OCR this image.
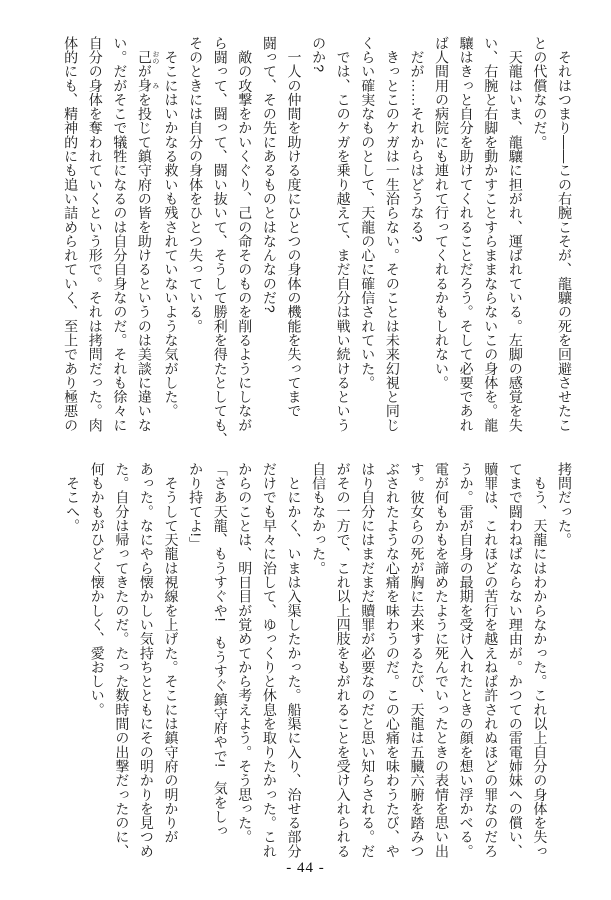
　それはつまり――この右腕こそが、龍驤の死を回避させたこ
との代償なのだ。
　天龍はいま、龍驤に担がれ、運ばれている。左脚の感覚を失
い、右腕と右脚を動かすことすらままならないこの身体を。龍
驤はきっと自分を助けてくれることだろう。そして必要であれ
ば人間用の病院にも連れて行ってくれるかもしれない。
　だが……それからはどうなる?
　きっとこのケガは一生治らない。そのことは未来幻視と同じ
くらい確実なものとして、天龍の心に確信されていた。
　では、このケガを乗り越えて、まだ自分は戦い続けるという
のか?
　一人の仲間を助ける度にひとつの身体の機能を失ってまで
闘って、その先にあるものとはなんなのだ?
　敵の攻撃をかいくぐり、己の命そのものを削るようにしなが
ら闘って、闘って、闘い抜いて、そうして勝利を得たとしても、
そのときには自分の身体をひとつ失っている。
　そこにはいかなる救いも残されていないような気がした。
　己 おのが身 みを投じて鎮守府の皆を助けるというのは美談に違いな
い。だがそこで犠牲になるのは自分自身なのだ。それも徐々に
自分の身体を奪われていくという形で。それは拷問だった。肉
体的にも、精神的にも追い詰められていく、至上であり極悪の
拷問だった。
　もう、天龍にはわからなかった。これ以上自分の身体を失っ
てまで闘わねばならない理由が。かつての雷電姉妹への償い、
贖罪は、これほどの苦行を越えねば許されぬほどの罪なのだろ
うか。雷が自身の最期を受け入れたときの顔を想い浮かべる。
電が何もかもを諦めたように死んでいったときの表情を思い出
す。彼女らの死が胸に去来するたび、天龍は五臓六腑を踏みつ
ぶされたような心痛を味わうのだ。この心痛を味わうたび、や
はり自分にはまだまだ贖罪が必要なのだと思い知らされる。だ
がその一方で、これ以上四肢をもがれることを受け入れられる
自信もなかった。
　とにかく、いまは入渠したかった。船渠に入り、治せる部分
だけでも早々に治して、ゆっくりと休息を取りたかった。これ
からのことは、明日目が覚めてから考えよう。そう思った。
「さあ天龍、もうすぐや!　もうすぐ鎮守府やで!　気をしっ
かり持てよ!」
　そうして天龍は視線を上げた。そこには鎮守府の明かりが
あった。なにやら懐かしい気持ちとともにその明かりを見つめ
た。自分は帰ってきたのだ。たった数時間の出撃だったのに、
何もかもがひどく懐かしく、愛おしい。
　そこへ。
- 44 -
